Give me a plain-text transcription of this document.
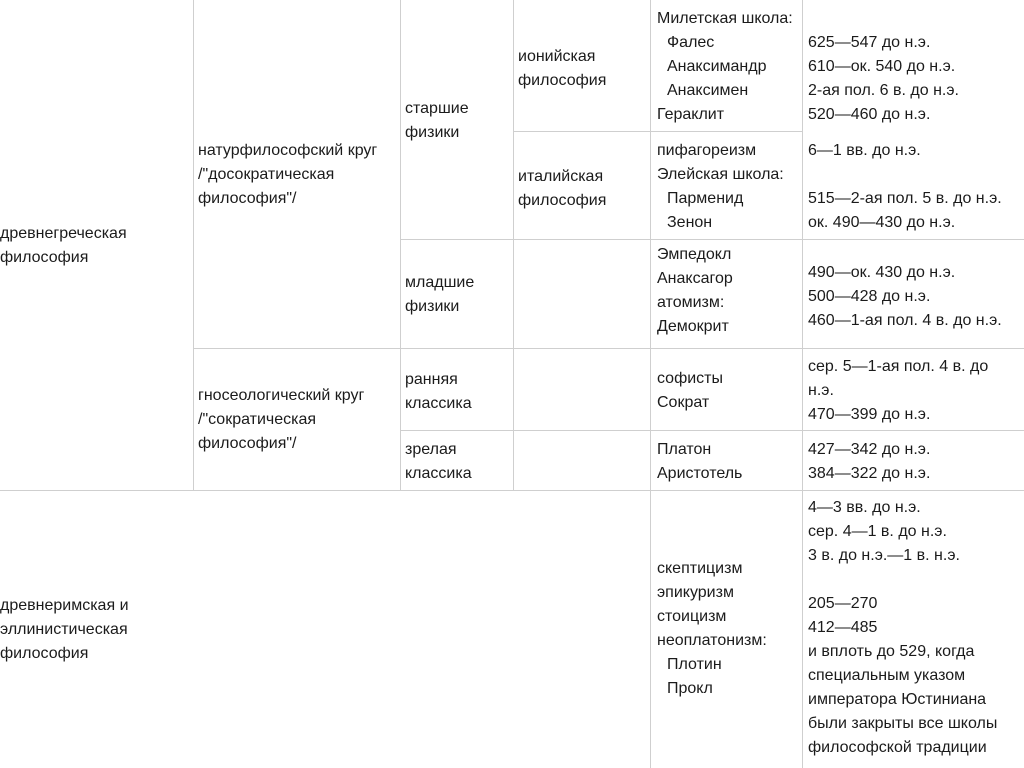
древнегреческая
философия
древнеримская и
эллинистическая
философия
натурфилософский круг
/"досократическая
философия"/
гносеологический круг
/"сократическая
философия"/
старшие
физики
младшие
физики
ранняя
классика
зрелая
классика
ионийская
философия
италийская
философия
Милетская школа:
Фалес
Анаксимандр
Анаксимен
Гераклит
пифагореизм
Элейская школа:
Парменид
Зенон
Эмпедокл
Анаксагор
атомизм:
Демокрит
софисты
Сократ
Платон
Аристотель
скептицизм
эпикуризм
стоицизм
неоплатонизм:
Плотин
Прокл
625—547 до н.э.
610—ок. 540 до н.э.
2-ая пол. 6 в. до н.э.
520—460 до н.э.
6—1 вв. до н.э.
515—2-ая пол. 5 в. до н.э.
ок. 490—430 до н.э.
490—ок. 430 до н.э.
500—428 до н.э.
460—1-ая пол. 4 в. до н.э.
сер. 5—1-ая пол. 4 в. до
н.э.
470—399 до н.э.
427—342 до н.э.
384—322 до н.э.
4—3 вв. до н.э.
сер. 4—1 в. до н.э.
3 в. до н.э.—1 в. н.э.
205—270
412—485
и вплоть до 529, когда
специальным указом
императора Юстиниана
были закрыты все школы
философской традиции
